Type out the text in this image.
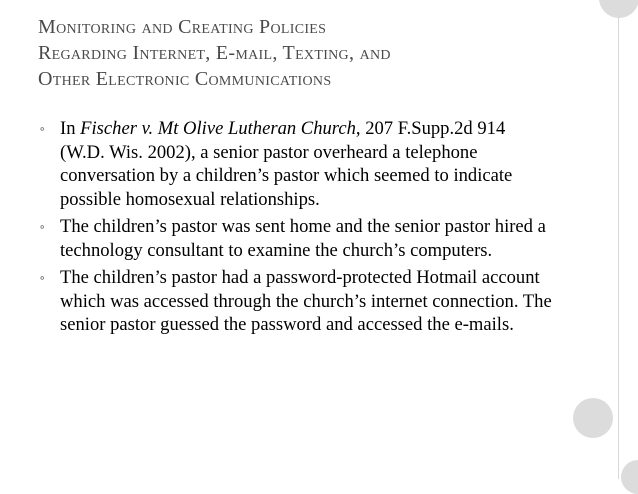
Monitoring and Creating Policies
Regarding Internet, E-mail, Texting, and
Other Electronic Communications
∘ In Fischer v. Mt Olive Lutheran Church, 207 F.Supp.2d 914 (W.D. Wis. 2002), a senior pastor overheard a telephone conversation by a children’s pastor which seemed to indicate possible homosexual relationships.
∘ The children’s pastor was sent home and the senior pastor hired a technology consultant to examine the church’s computers.
∘ The children’s pastor had a password-protected Hotmail account which was accessed through the church’s internet connection. The senior pastor guessed the password and accessed the e-mails.
